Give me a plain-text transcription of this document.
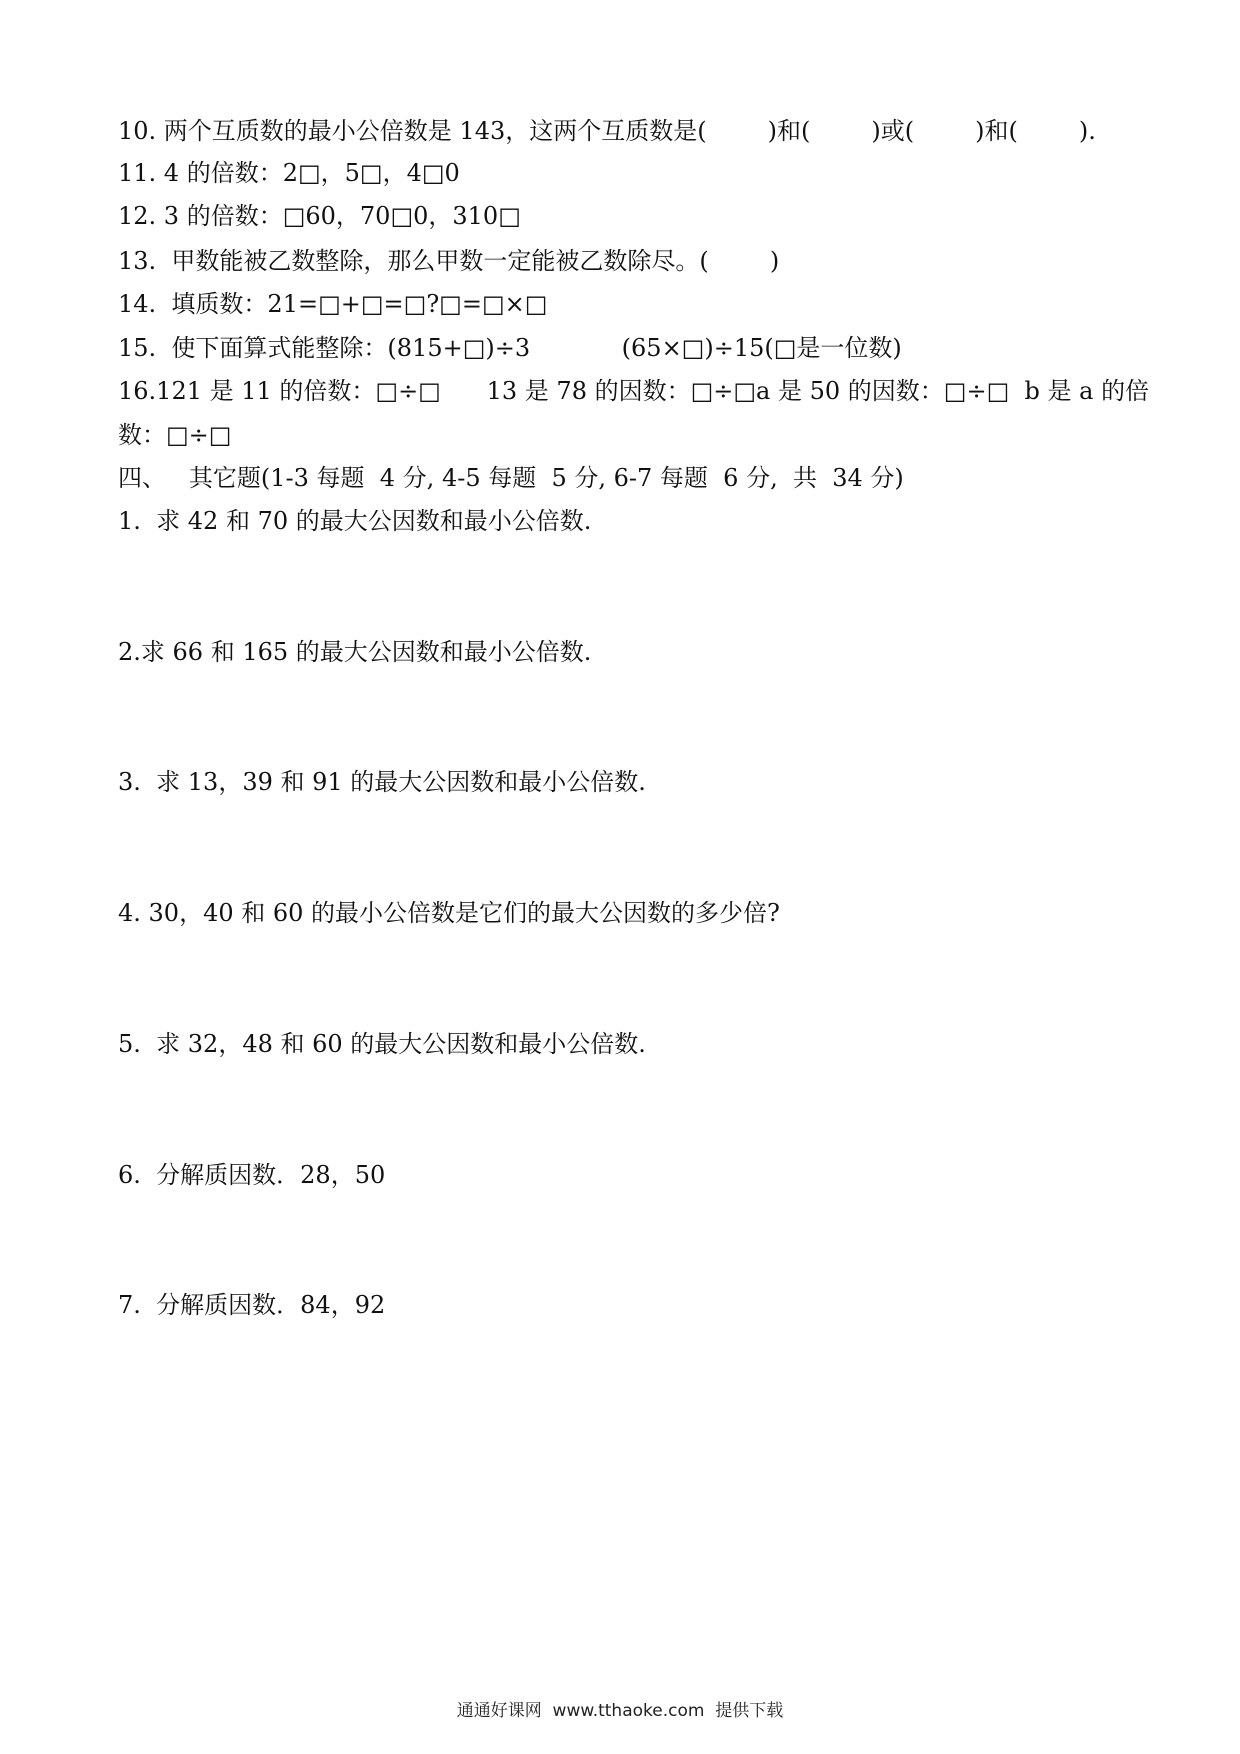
10. 两个互质数的最小公倍数是 143，这两个互质数是(        )和(        )或(        )和(        ).
11. 4 的倍数：2□，5□，4□0
12. 3 的倍数：□60，70□0，310□
13.  甲数能被乙数整除，那么甲数一定能被乙数除尽。(        )
14.  填质数：21=□+□=□?□=□×□
15.  使下面算式能整除：(815+□)÷3            (65×□)÷15(□是一位数)
16.121 是 11 的倍数：□÷□      13 是 78 的因数：□÷□a 是 50 的因数：□÷□  b 是 a 的倍
数：□÷□
四、   其它题(1-3 每题  4 分, 4-5 每题  5 分, 6-7 每题  6 分,  共  34 分)
1.  求 42 和 70 的最大公因数和最小公倍数.
2.求 66 和 165 的最大公因数和最小公倍数.
3.  求 13，39 和 91 的最大公因数和最小公倍数.
4. 30，40 和 60 的最小公倍数是它们的最大公因数的多少倍?
5.  求 32，48 和 60 的最大公因数和最小公倍数.
6.  分解质因数．28，50
7.  分解质因数．84，92
通通好课网  www.tthaoke.com  提供下载
